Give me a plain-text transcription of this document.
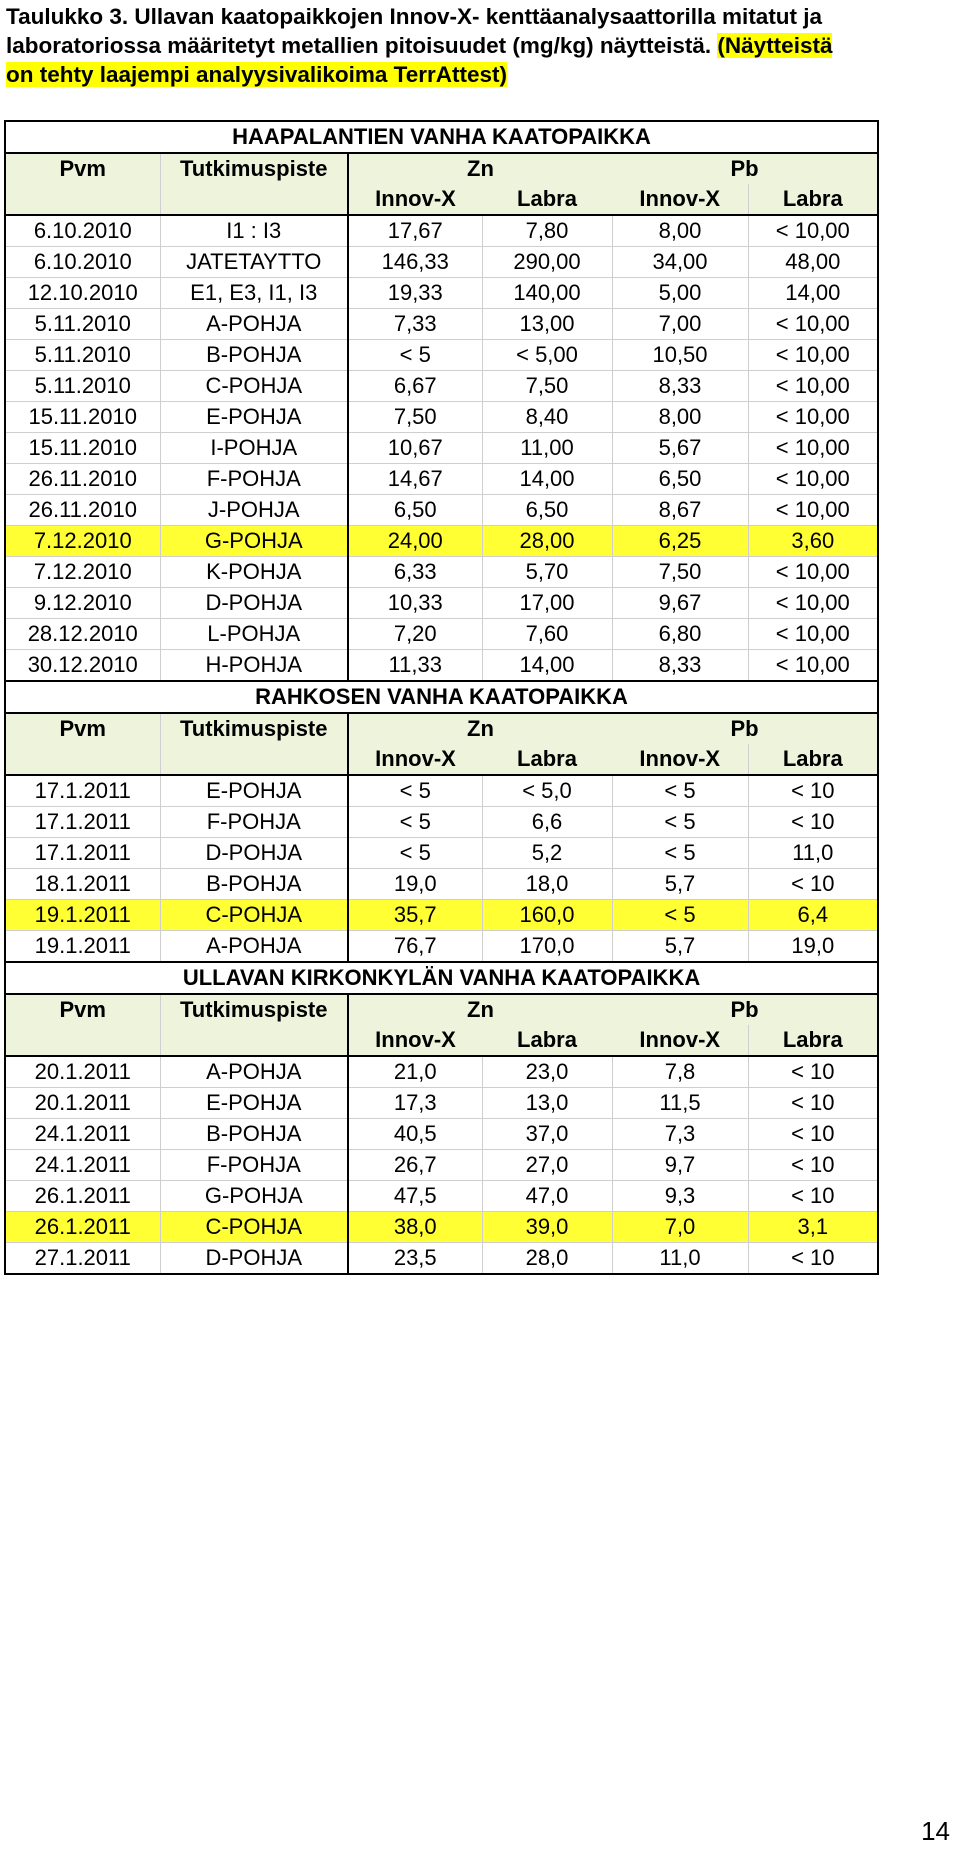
Taulukko 3. Ullavan kaatopaikkojen Innov-X- kenttäanalysaattorilla mitatut ja
laboratoriossa määritetyt metallien pitoisuudet (mg/kg) näytteistä. (Näytteistä
on tehty laajempi analyysivalikoima TerrAttest)
HAAPALANTIEN VANHA KAATOPAIKKA					
Pvm	Tutkimuspiste	Zn		Pb	
		Innov-X	Labra	Innov-X	Labra
6.10.2010	I1 : I3	17,67	7,80	8,00	< 10,00
6.10.2010	JATETAYTTO	146,33	290,00	34,00	48,00
12.10.2010	E1, E3, I1, I3	19,33	140,00	5,00	14,00
5.11.2010	A-POHJA	7,33	13,00	7,00	< 10,00
5.11.2010	B-POHJA	< 5	< 5,00	10,50	< 10,00
5.11.2010	C-POHJA	6,67	7,50	8,33	< 10,00
15.11.2010	E-POHJA	7,50	8,40	8,00	< 10,00
15.11.2010	I-POHJA	10,67	11,00	5,67	< 10,00
26.11.2010	F-POHJA	14,67	14,00	6,50	< 10,00
26.11.2010	J-POHJA	6,50	6,50	8,67	< 10,00
7.12.2010	G-POHJA	24,00	28,00	6,25	3,60
7.12.2010	K-POHJA	6,33	5,70	7,50	< 10,00
9.12.2010	D-POHJA	10,33	17,00	9,67	< 10,00
28.12.2010	L-POHJA	7,20	7,60	6,80	< 10,00
30.12.2010	H-POHJA	11,33	14,00	8,33	< 10,00
RAHKOSEN VANHA KAATOPAIKKA					
Pvm	Tutkimuspiste	Zn		Pb	
		Innov-X	Labra	Innov-X	Labra
17.1.2011	E-POHJA	< 5	< 5,0	< 5	< 10
17.1.2011	F-POHJA	< 5	6,6	< 5	< 10
17.1.2011	D-POHJA	< 5	5,2	< 5	11,0
18.1.2011	B-POHJA	19,0	18,0	5,7	< 10
19.1.2011	C-POHJA	35,7	160,0	< 5	6,4
19.1.2011	A-POHJA	76,7	170,0	5,7	19,0
ULLAVAN KIRKONKYLÄN VANHA KAATOPAIKKA					
Pvm	Tutkimuspiste	Zn		Pb	
		Innov-X	Labra	Innov-X	Labra
20.1.2011	A-POHJA	21,0	23,0	7,8	< 10
20.1.2011	E-POHJA	17,3	13,0	11,5	< 10
24.1.2011	B-POHJA	40,5	37,0	7,3	< 10
24.1.2011	F-POHJA	26,7	27,0	9,7	< 10
26.1.2011	G-POHJA	47,5	47,0	9,3	< 10
26.1.2011	C-POHJA	38,0	39,0	7,0	3,1
27.1.2011	D-POHJA	23,5	28,0	11,0	< 10
14
